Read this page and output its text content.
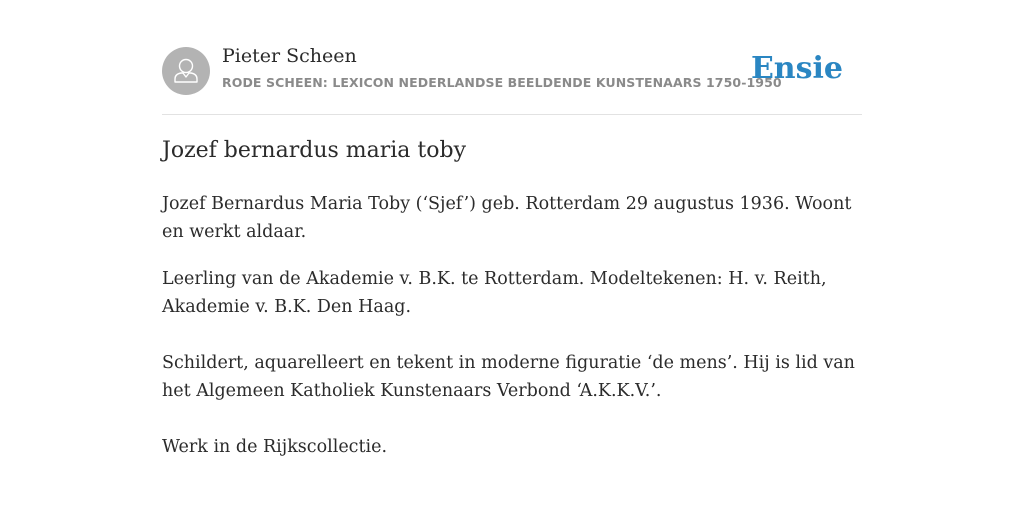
Pieter Scheen
RODE SCHEEN: LEXICON NEDERLANDSE BEELDENDE KUNSTENAARS 1750-1950
Ensie
Jozef bernardus maria toby

Jozef Bernardus Maria Toby (‘Sjef’) geb. Rotterdam 29 augustus 1936. Woont en werkt aldaar.

Leerling van de Akademie v. B.K. te Rotterdam. Modeltekenen: H. v. Reith, Akademie v. B.K. Den Haag.

Schildert, aquarelleert en tekent in moderne figuratie ‘de mens’. Hij is lid van het Algemeen Katholiek Kunstenaars Verbond ‘A.K.K.V.’.

Werk in de Rijkscollectie.
